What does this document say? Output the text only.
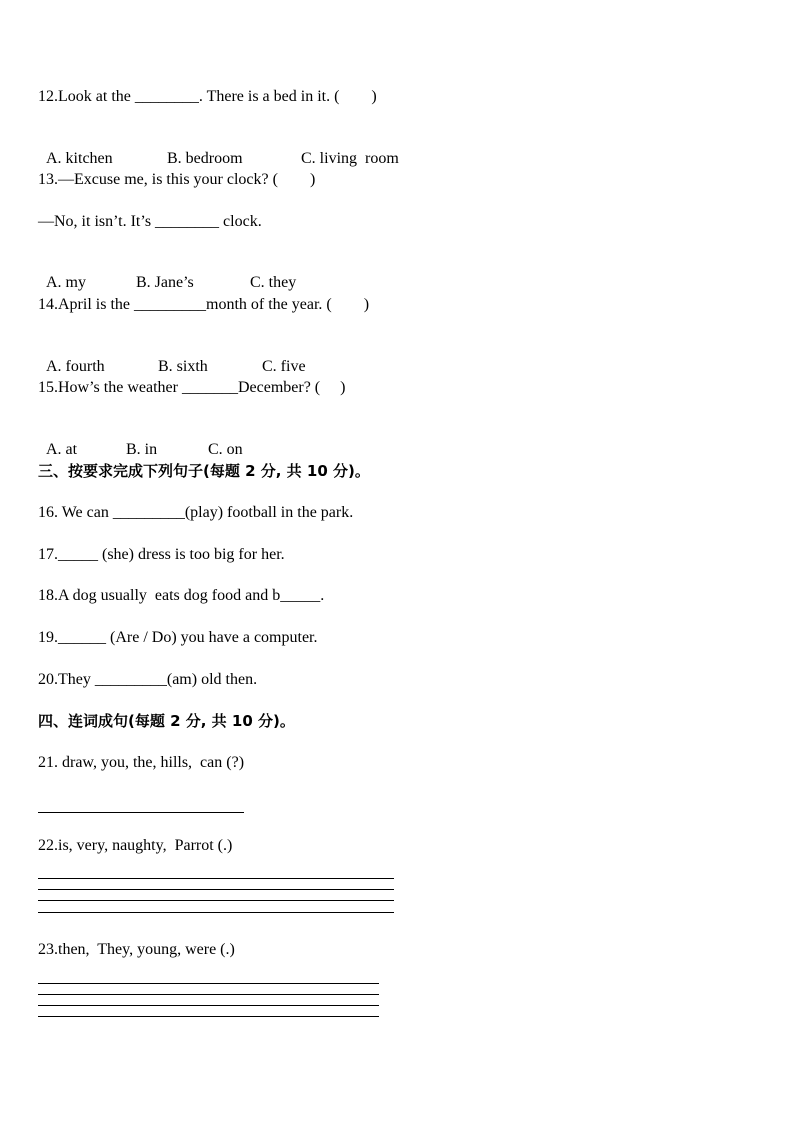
12.Look at the ________. There is a bed in it. (        )

A. kitchen	B. bedroom	C. living  room

13.—Excuse me, is this your clock? (        )
—No, it isn’t. It’s ________ clock.

A. my	B. Jane’s	C. they

14.April is the _________month of the year. (        )

A. fourth	B. sixth	C. five

15.How’s the weather _______December? (     )

A. at	B. in	C. on

三、按要求完成下列句子(每题 2 分, 共 10 分)。
16. We can _________(play) football in the park.
17._____ (she) dress is too big for her.
18.A dog usually  eats dog food and b_____.
19.______ (Are / Do) you have a computer.
20.They _________(am) old then.
四、连词成句(每题 2 分, 共 10 分)。
21. draw, you, the, hills,  can (?)
22.is, very, naughty,  Parrot (.)
23.then,  They, young, were (.)
